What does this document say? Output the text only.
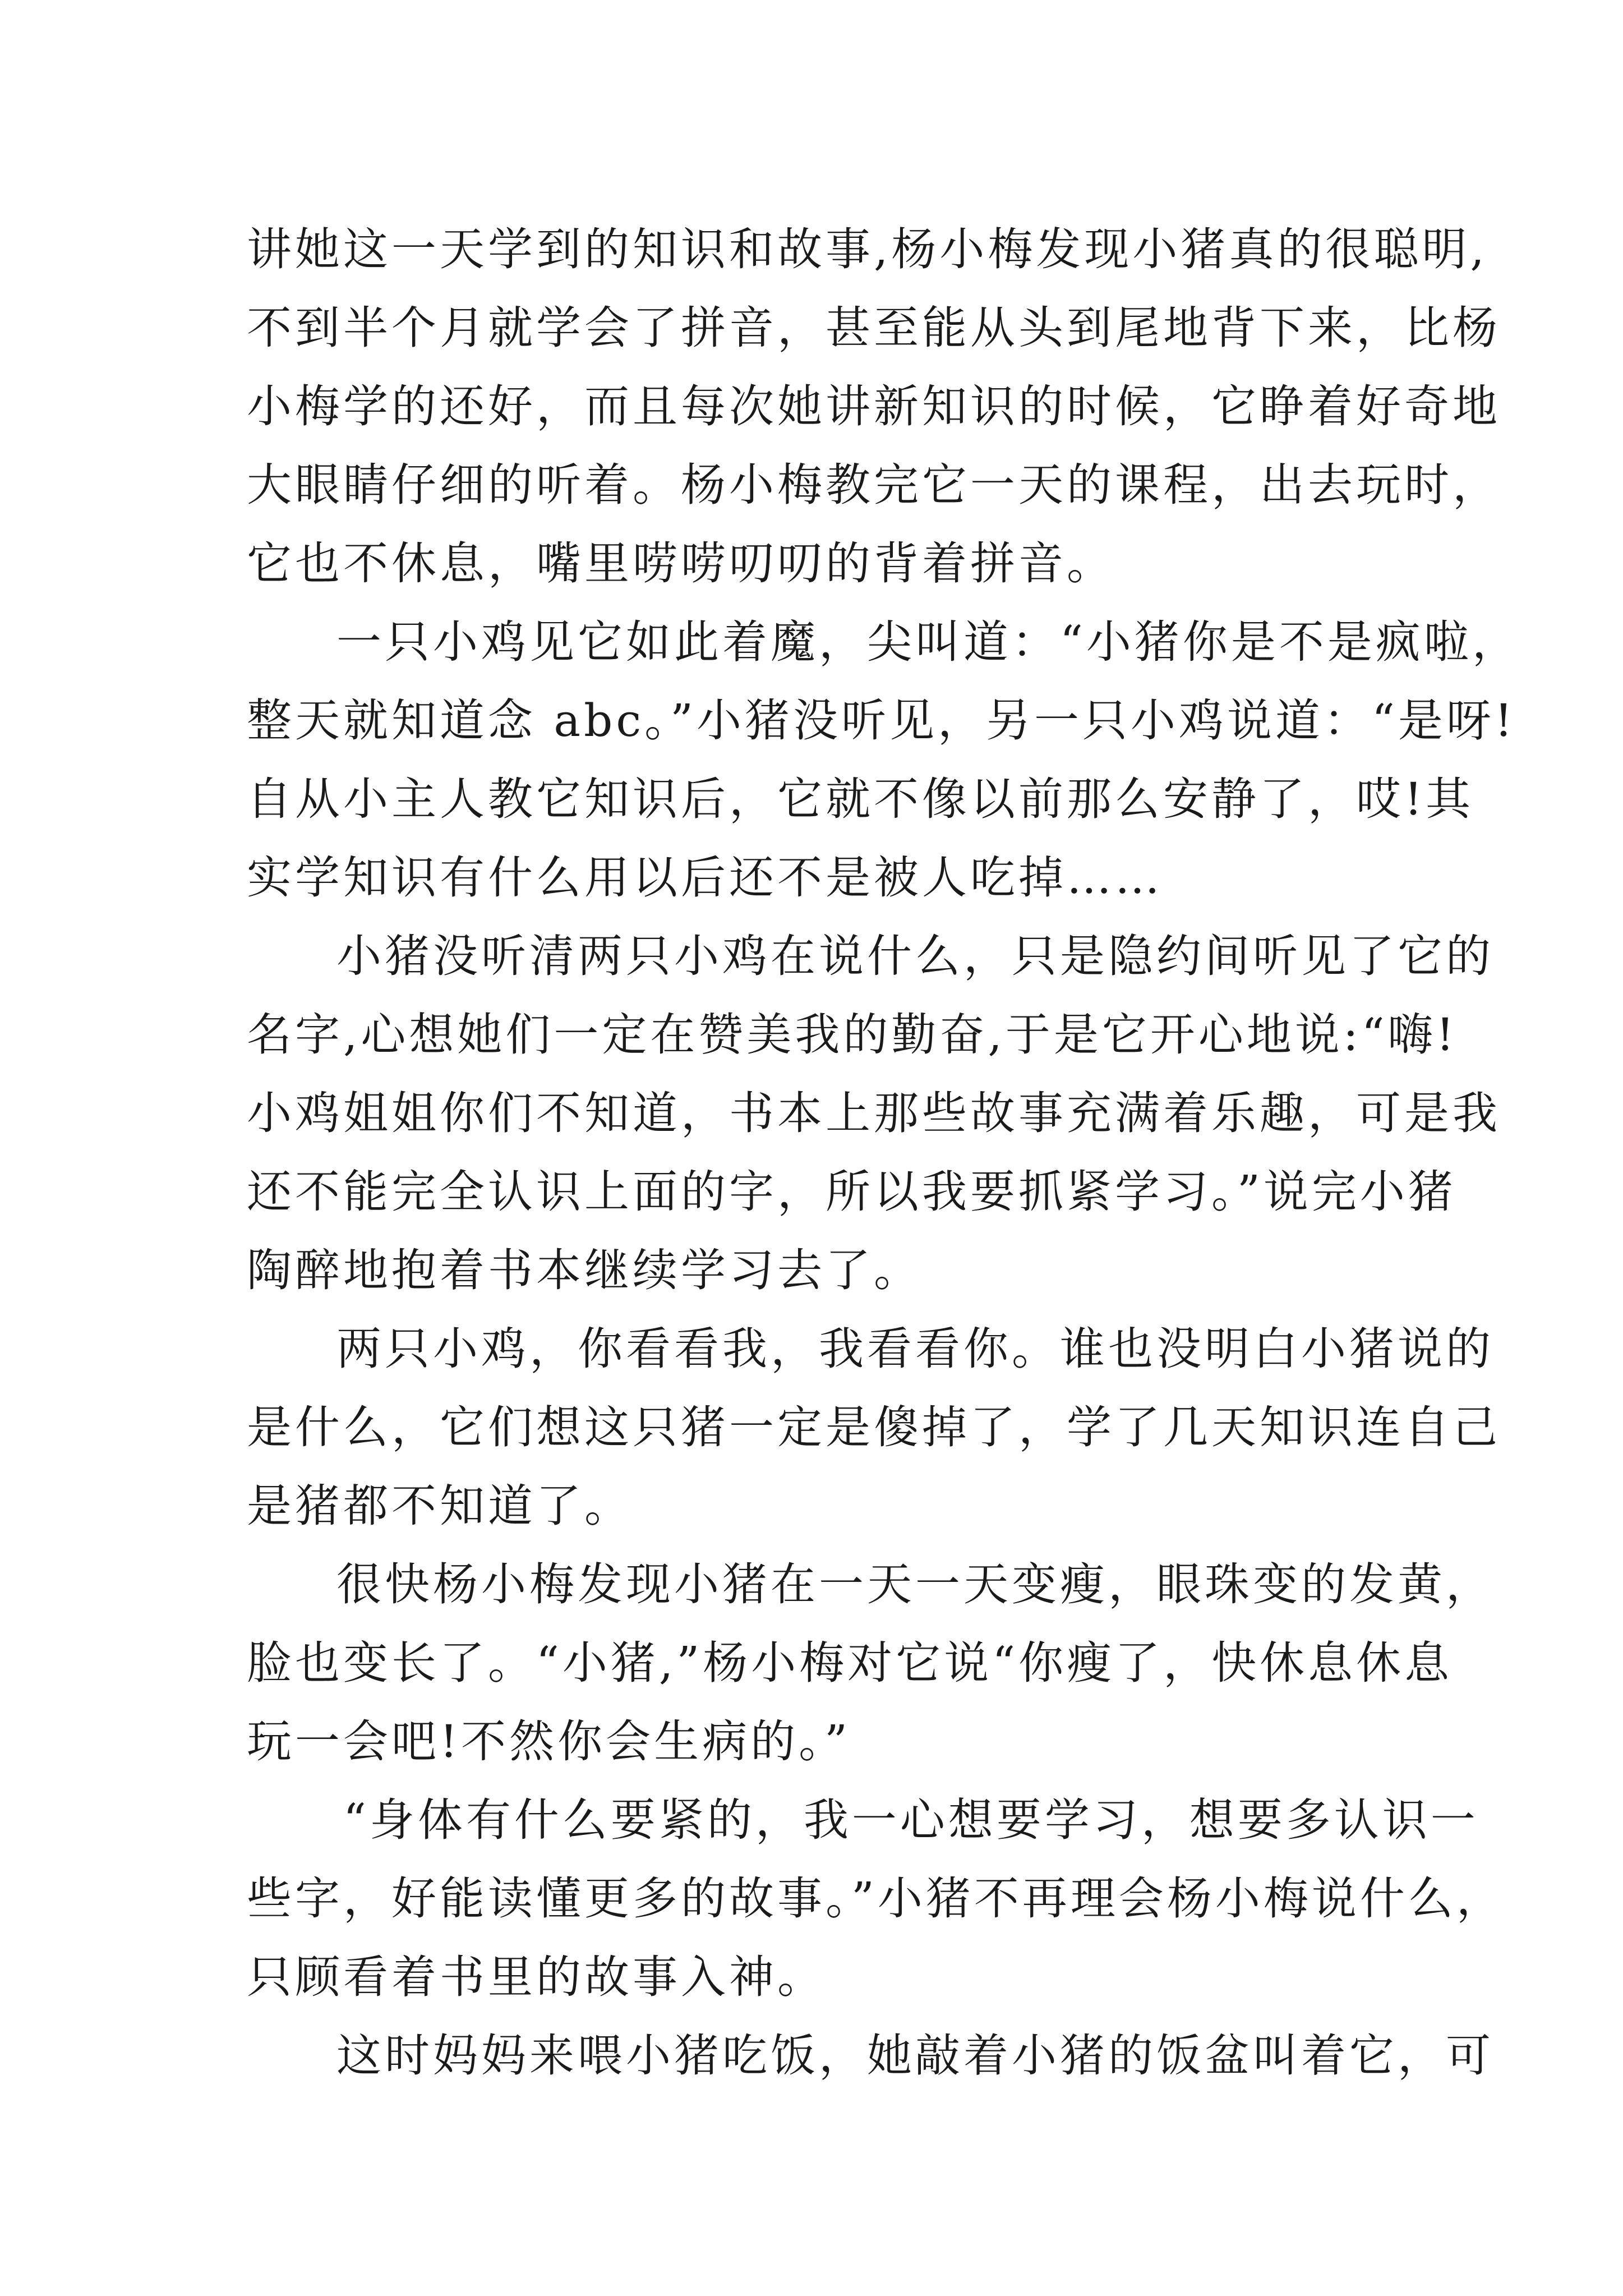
讲她这一天学到的知识和故事,杨小梅发现小猪真的很聪明,
不到半个月就学会了拼音，甚至能从头到尾地背下来，比杨
小梅学的还好，而且每次她讲新知识的时候，它睁着好奇地
大眼睛仔细的听着。杨小梅教完它一天的课程，出去玩时，
它也不休息，嘴里唠唠叨叨的背着拼音。
一只小鸡见它如此着魔，尖叫道：“小猪你是不是疯啦，
整天就知道念 abc。”小猪没听见，另一只小鸡说道：“是呀!
自从小主人教它知识后，它就不像以前那么安静了，哎!其
实学知识有什么用以后还不是被人吃掉……
小猪没听清两只小鸡在说什么，只是隐约间听见了它的
名字,心想她们一定在赞美我的勤奋,于是它开心地说:“嗨!
小鸡姐姐你们不知道，书本上那些故事充满着乐趣，可是我
还不能完全认识上面的字，所以我要抓紧学习。”说完小猪
陶醉地抱着书本继续学习去了。
两只小鸡，你看看我，我看看你。谁也没明白小猪说的
是什么，它们想这只猪一定是傻掉了，学了几天知识连自己
是猪都不知道了。
很快杨小梅发现小猪在一天一天变瘦，眼珠变的发黄，
脸也变长了。“小猪,”杨小梅对它说“你瘦了，快休息休息
玩一会吧!不然你会生病的。”
“身体有什么要紧的，我一心想要学习，想要多认识一
些字，好能读懂更多的故事。”小猪不再理会杨小梅说什么，
只顾看着书里的故事入神。
这时妈妈来喂小猪吃饭，她敲着小猪的饭盆叫着它，可
